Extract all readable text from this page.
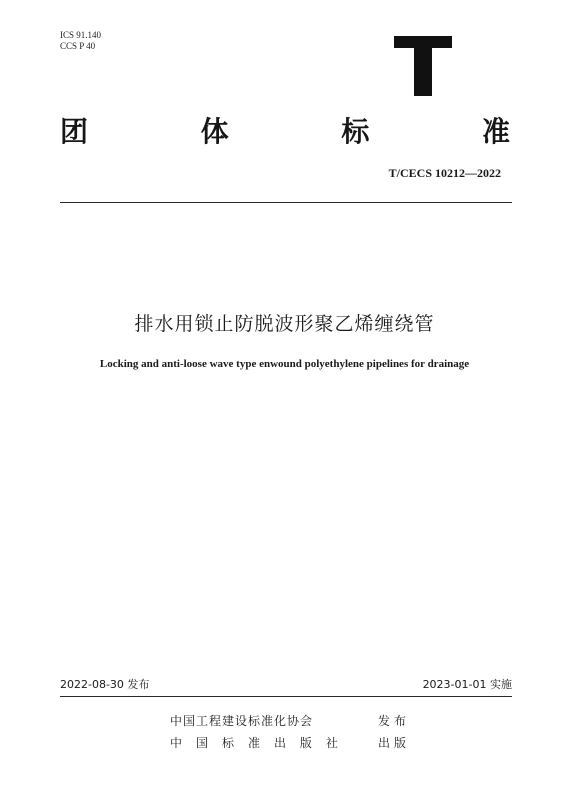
ICS 91.140
CCS P 40
团	体	标	准
T/CECS 10212—2022
排水用锁止防脱波形聚乙烯缠绕管
Locking and anti-loose wave type enwound polyethylene pipelines for drainage
2022-08-30 发布	2023-01-01 实施
中国工程建设标准化协会	发布
中 国 标 准 出 版 社	出版
